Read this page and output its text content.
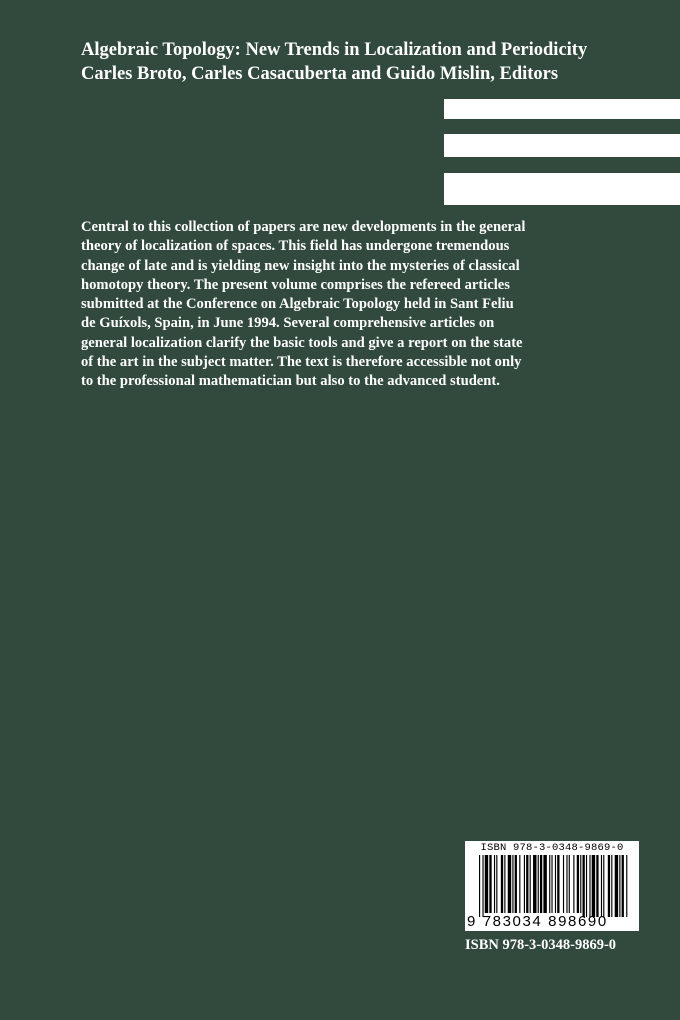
Algebraic Topology: New Trends in Localization and Periodicity
Carles Broto, Carles Casacuberta and Guido Mislin, Editors

Central to this collection of papers are new developments in the general
theory of localization of spaces. This field has undergone tremendous
change of late and is yielding new insight into the mysteries of classical
homotopy theory. The present volume comprises the refereed articles
submitted at the Conference on Algebraic Topology held in Sant Feliu
de Guíxols, Spain, in June 1994. Several comprehensive articles on
general localization clarify the basic tools and give a report on the state
of the art in the subject matter. The text is therefore accessible not only
to the professional mathematician but also to the advanced student.

ISBN 978-3-0348-9869-0
9 783034 898690
ISBN 978-3-0348-9869-0
